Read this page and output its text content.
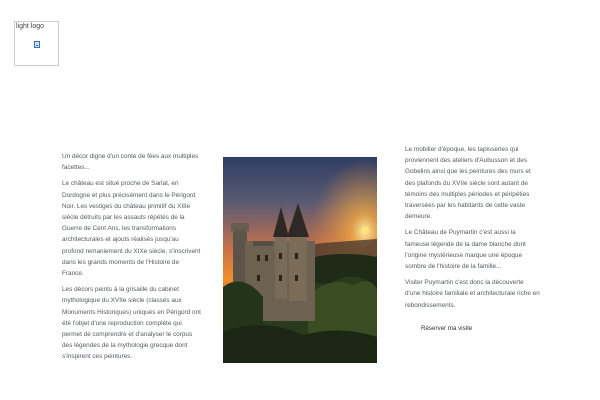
light logo

Un décor digne d'un conte de fées aux multiples facettes...

Le château est situé proche de Sarlat, en Dordogne et plus précisément dans le Périgord Noir. Les vestiges du château primitif du XIIIe siècle détruits par les assauts répétés de la Guerre de Cent Ans, les transformations architecturales et ajouts réalisés jusqu'au profond remaniement du XIXe siècle, s'inscrivent dans les grands moments de l'Histoire de France.

Les décors peints à la grisaille du cabinet mythologique du XVIIe siècle (classés aux Monuments Historiques) uniques en Périgord ont été l'objet d'une reproduction complète qui permet de comprendre et d'analyser le corpus des légendes de la mythologie grecque dont s'inspirent ces peintures.

Le mobilier d'époque, les tapisseries qui proviennent des ateliers d'Aubusson et des Gobelins ainsi que les peintures des murs et des plafonds du XVIIe siècle sont autant de témoins des multiples périodes et péripéties traversées par les habitants de cette vaste demeure.

Le Château de Puymartin c'est aussi la fameuse légende de la dame blanche dont l'origine mystérieuse marque une époque sombre de l'histoire de la famille...

Visiter Puymartin c'est donc la découverte d'une histoire familiale et architecturale riche en rebondissements.

Réserver ma visite
